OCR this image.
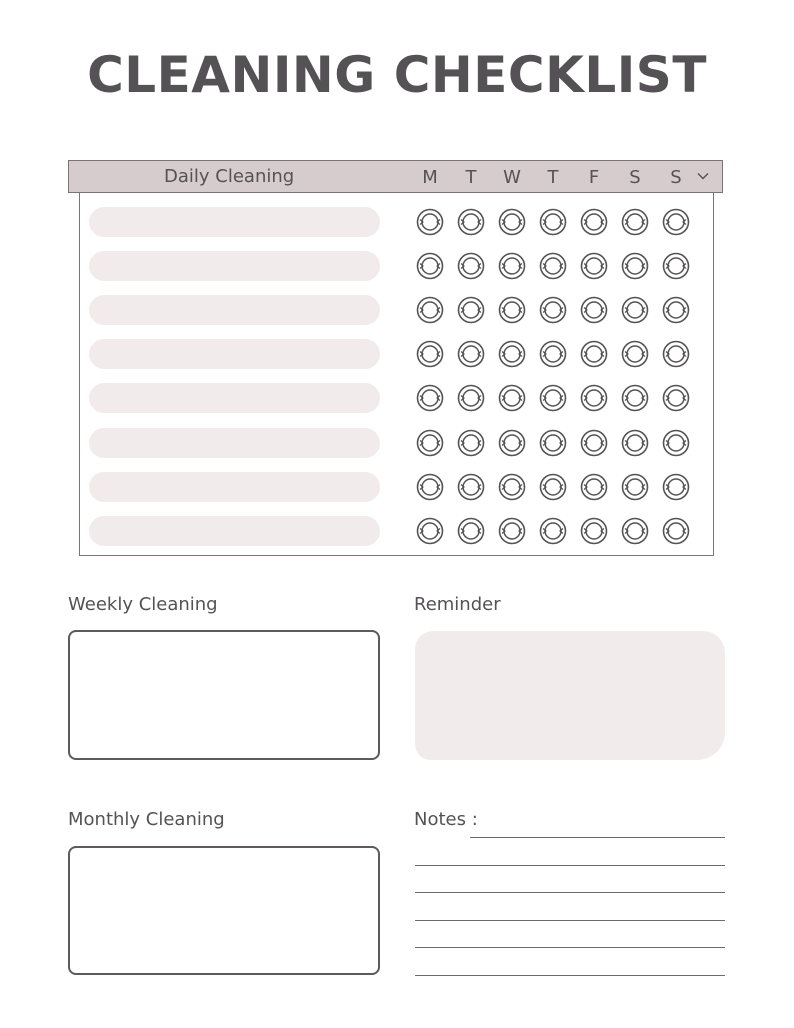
CLEANING CHECKLIST
Daily Cleaning	M	T	W	T	F	S	S
Weekly Cleaning	Reminder
Monthly Cleaning	Notes :
